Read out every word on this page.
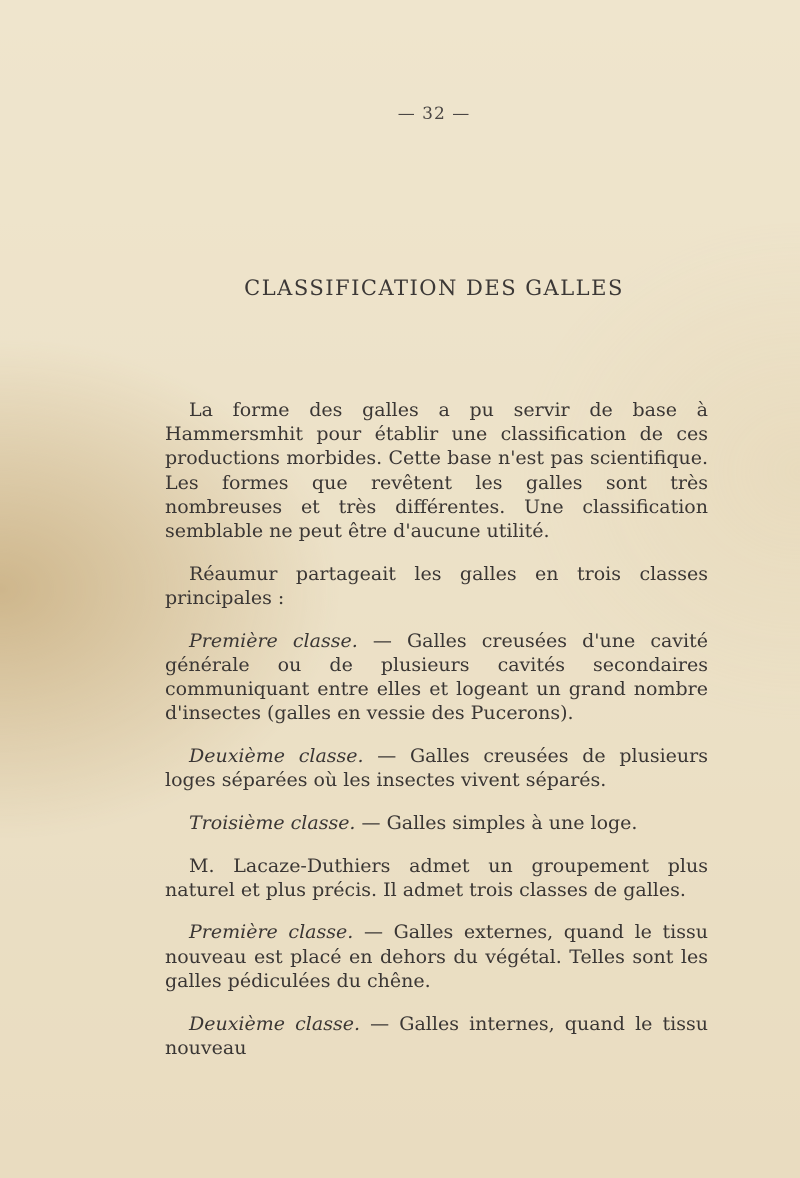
— 32 —
CLASSIFICATION DES GALLES

La forme des galles a pu servir de base à Hammersmhit pour établir une classification de ces productions morbides. Cette base n'est pas scientifique. Les formes que revêtent les galles sont très nombreuses et très différentes. Une classification semblable ne peut être d'aucune utilité.

Réaumur partageait les galles en trois classes principales :

Première classe. — Galles creusées d'une cavité générale ou de plusieurs cavités secondaires communiquant entre elles et logeant un grand nombre d'insectes (galles en vessie des Pucerons).

Deuxième classe. — Galles creusées de plusieurs loges séparées où les insectes vivent séparés.

Troisième classe. — Galles simples à une loge.

M. Lacaze-Duthiers admet un groupement plus naturel et plus précis. Il admet trois classes de galles.

Première classe. — Galles externes, quand le tissu nouveau est placé en dehors du végétal. Telles sont les galles pédiculées du chêne.

Deuxième classe. — Galles internes, quand le tissu nouveau
